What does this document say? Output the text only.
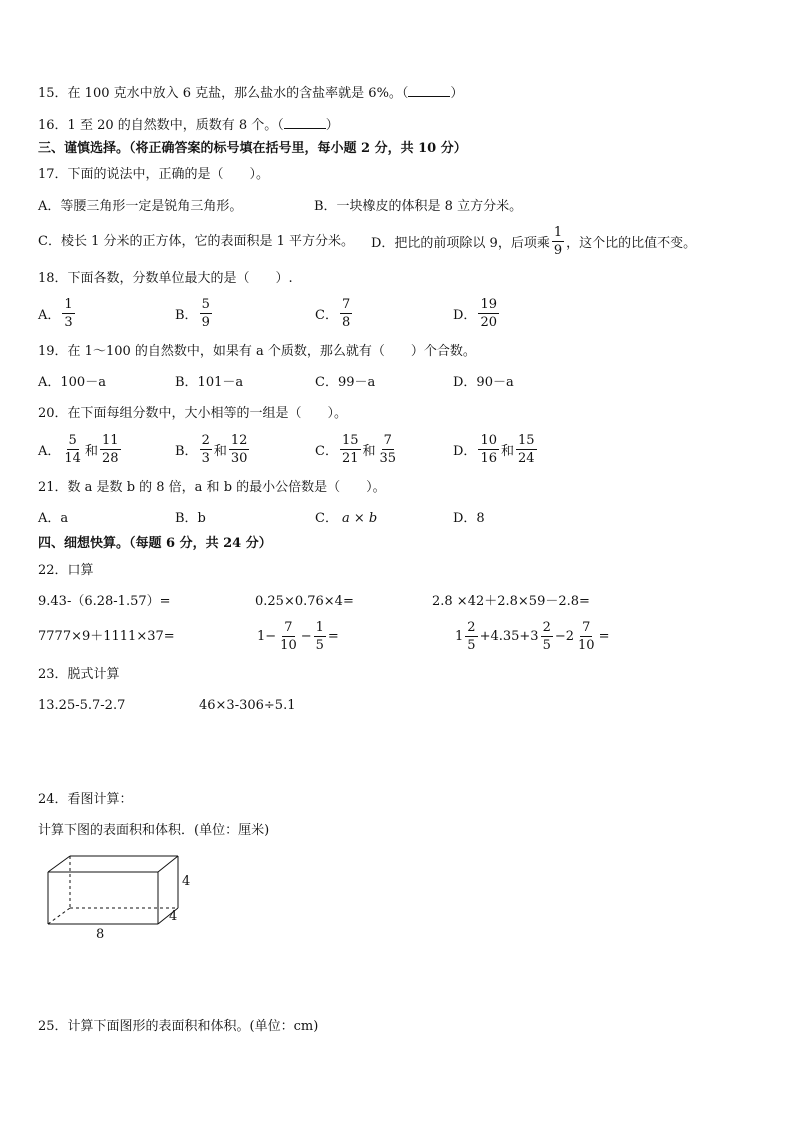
15．在 100 克水中放入 6 克盐，那么盐水的含盐率就是 6%。（	）
16．1 至 20 的自然数中，质数有 8 个。（	）
三、谨慎选择。（将正确答案的标号填在括号里，每小题 2 分，共 10 分）
17．下面的说法中，正确的是（　　）。
A．等腰三角形一定是锐角三角形。	B．一块橡皮的体积是 8 立方分米。
C．棱长 1 分米的正方体，它的表面积是 1 平方分米。 D．把比的前项除以 9，后项乘 $\frac{1}{9}$ ，这个比的比值不变。
18．下面各数，分数单位最大的是（　　）.
A． $\frac{1}{3}$	B． $\frac{5}{9}$	C． $\frac{7}{8}$	D． $\frac{19}{20}$
19．在 1～100 的自然数中，如果有 a 个质数，那么就有（　　）个合数。
A．100－a	B．101－a	C．99－a	D．90－a
20．在下面每组分数中，大小相等的一组是（　　）。
A． $\frac{5}{14}$ 和 $\frac{11}{28}$	B． $\frac{2}{3}$ 和 $\frac{12}{30}$	C． $\frac{15}{21}$ 和 $\frac{7}{35}$	D． $\frac{10}{16}$ 和 $\frac{15}{24}$
21．数 a 是数 b 的 8 倍，a 和 b 的最小公倍数是（　　）。
A．a	B．b	C． a × b	D．8
四、细想快算。（每题 6 分，共 24 分）
22．口算
9.43-（6.28-1.57）=	0.25×0.76×4=	2.8 ×42＋2.8×59－2.8=
7777×9＋1111×37=	$1- \frac{7}{10} - \frac{1}{5}$ =	$1 \frac{2}{5} +4.35+3 \frac{2}{5} -2 \frac{7}{10}$ =
23．脱式计算
13.25-5.7-2.7	46×3-306÷5.1
24．看图计算：
计算下图的表面积和体积．(单位：厘米)
4
4
8
25．计算下面图形的表面积和体积。(单位：cm)
